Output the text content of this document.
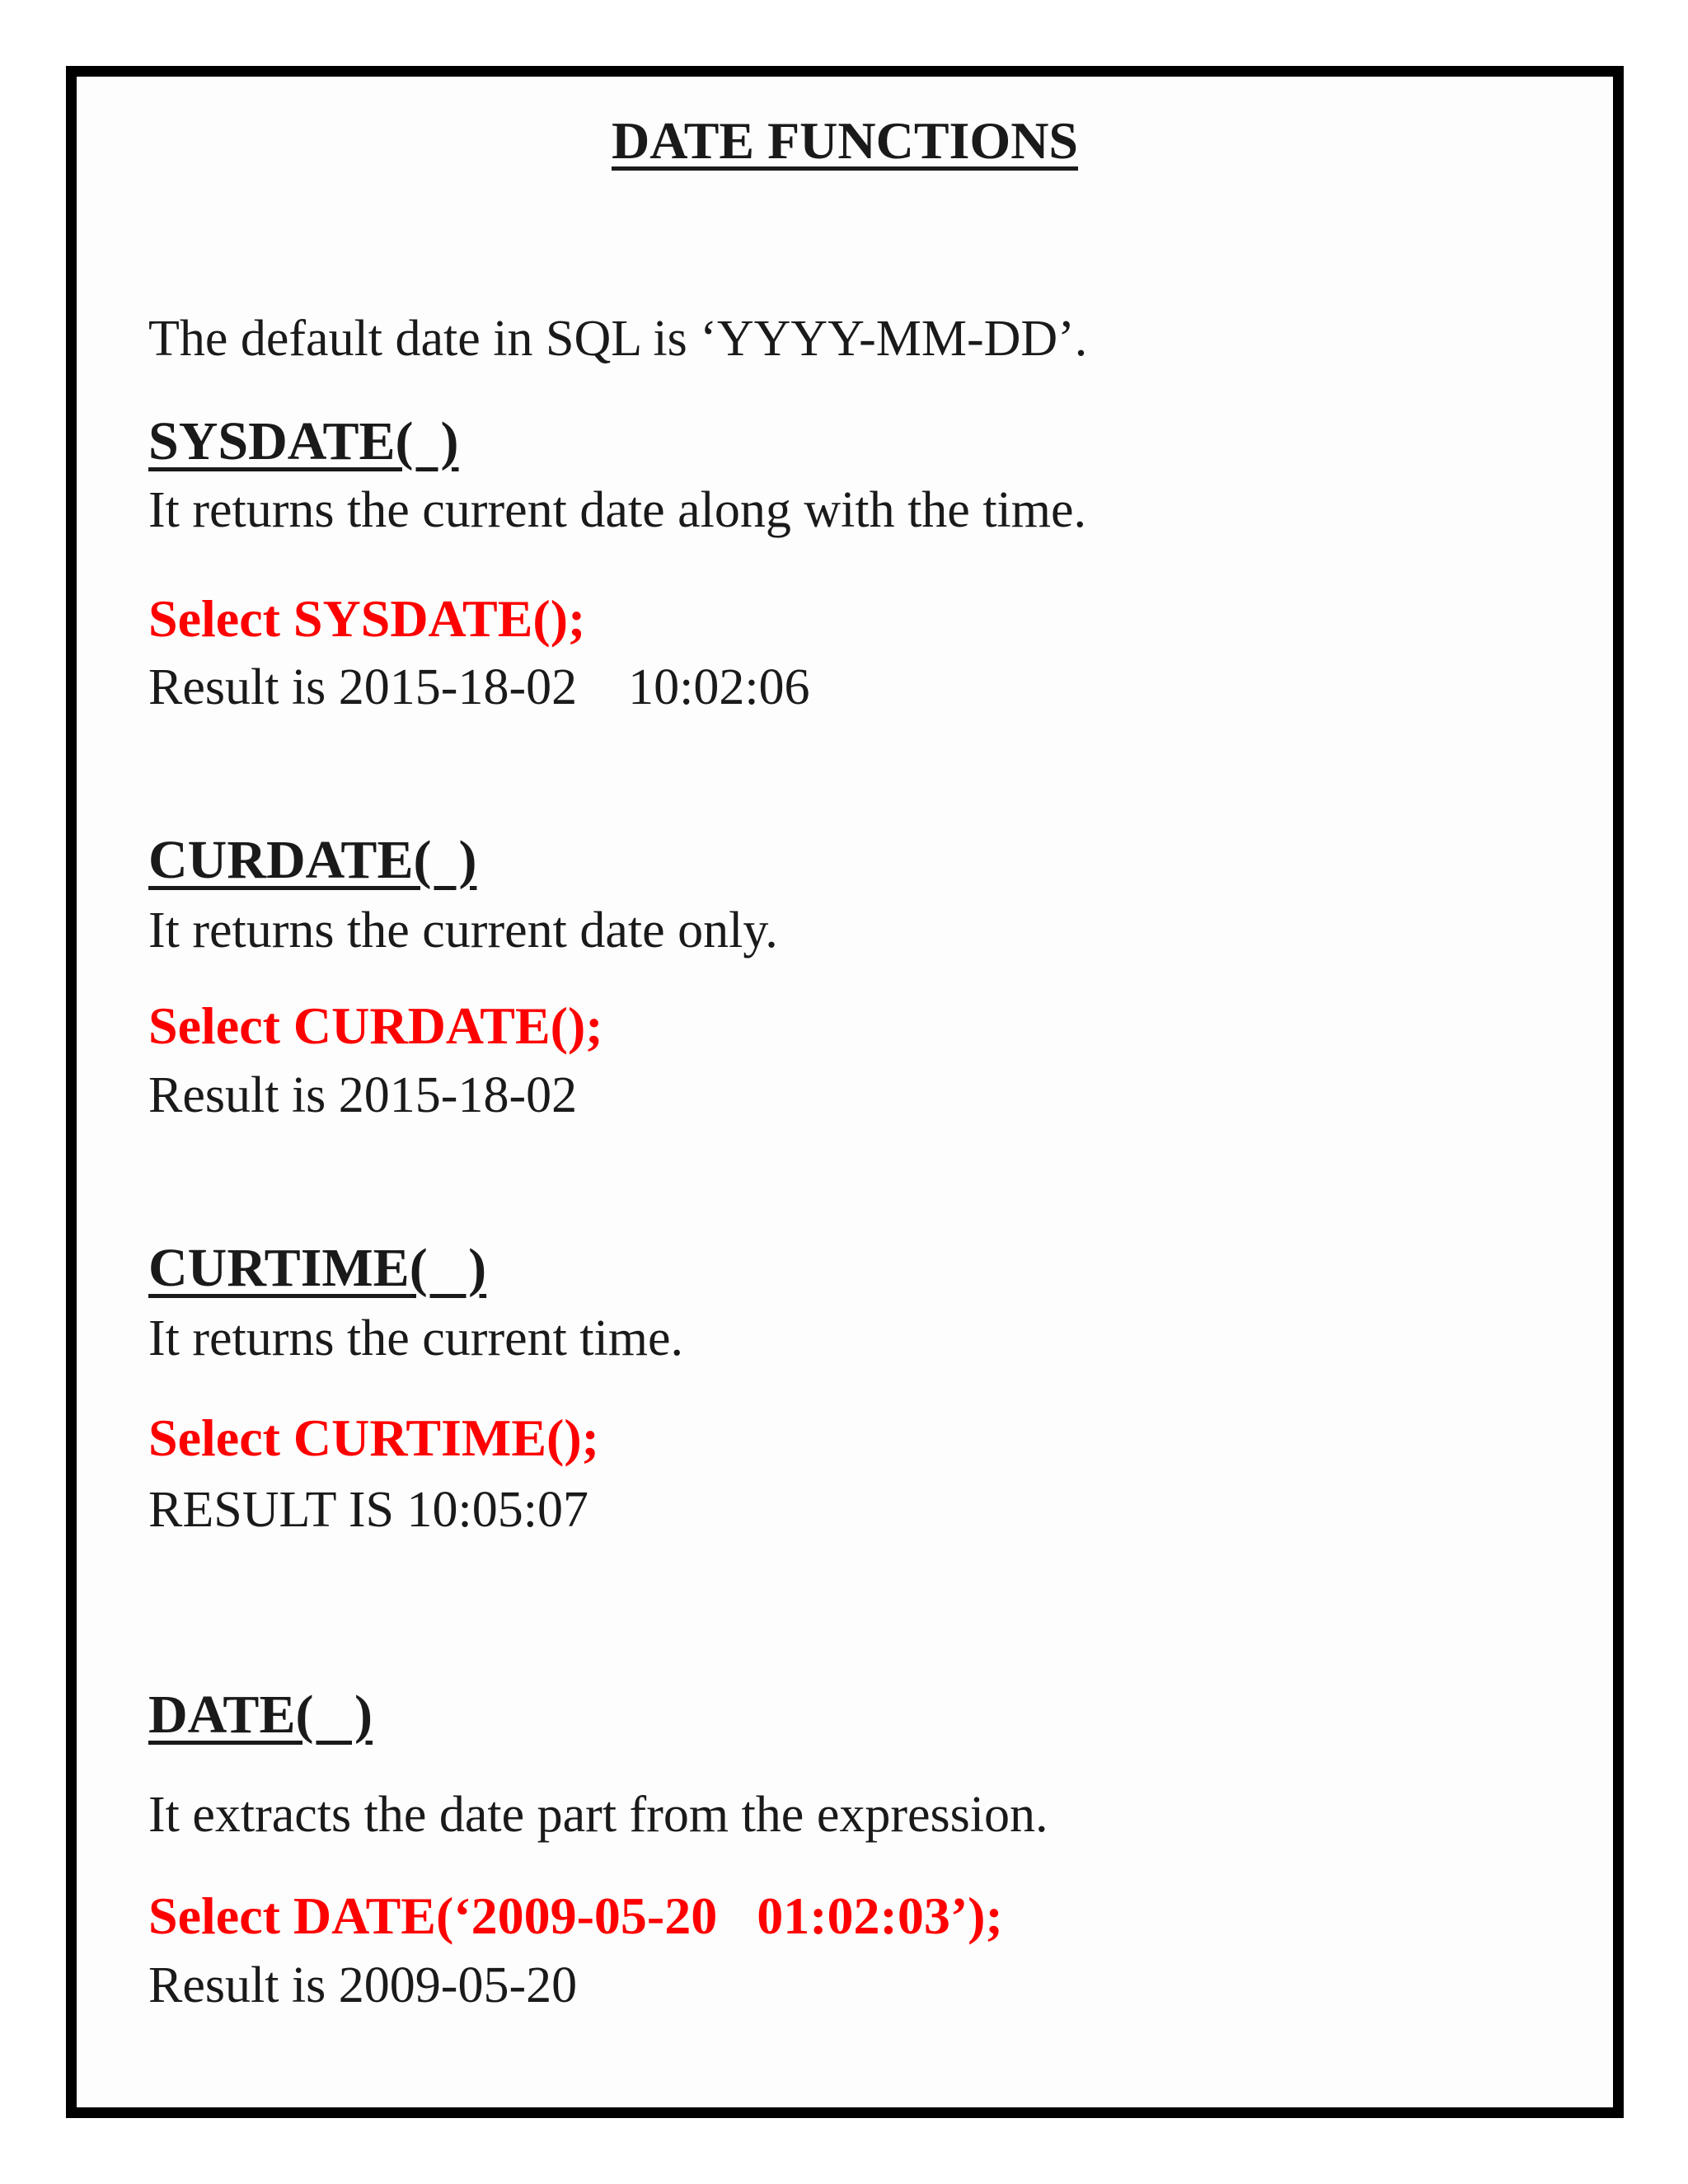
DATE FUNCTIONS
The default date in SQL is ‘YYYY-MM-DD’.
SYSDATE(  )
It returns the current date along with the time.
Select SYSDATE();
Result is 2015-18-02    10:02:06
CURDATE(  )
It returns the current date only.
Select CURDATE();
Result is 2015-18-02
CURTIME(   )
It returns the current time.
Select CURTIME();
RESULT IS 10:05:07
DATE(   )
It extracts the date part from the expression.
Select DATE(‘2009-05-20   01:02:03’);
Result is 2009-05-20
